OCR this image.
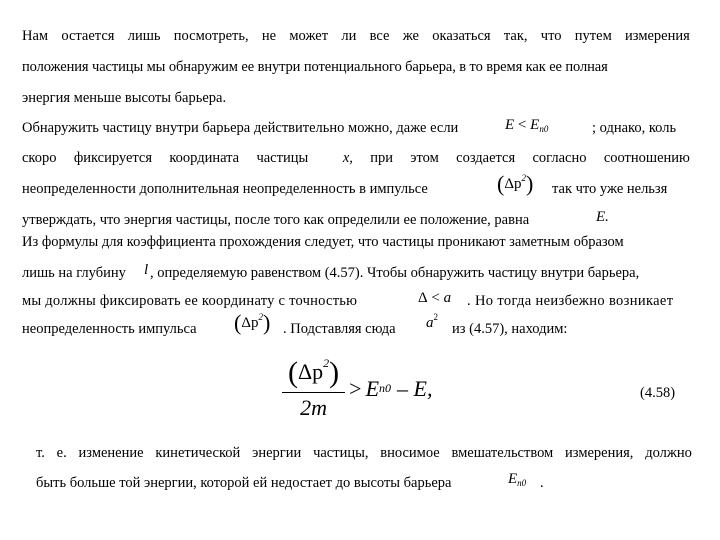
Нам остается лишь посмотреть, не может ли все же оказаться так, что путем измерения
положения частицы мы обнаружим ее внутри потенциального барьера, в то время как ее полная
энергия меньше высоты барьера.
Обнаружить частицу внутри барьера действительно можно, даже если	$E < E_{n0}$	; однако, коль
скоро фиксируется координата частицы x, при этом создается согласно соотношению
неопределенности дополнительная неопределенность в импульсе	$(\Delta p^2)$ так что уже нельзя
утверждать, что энергия частицы, после того как определили ее положение, равна	E.
Из формулы для коэффициента прохождения следует, что частицы проникают заметным образом
лишь на глубину l , определяемую равенством (4.57). Чтобы обнаружить частицу внутри барьера,
мы должны фиксировать ее координату с точностью	Δ < a . Но тогда неизбежно возникает
неопределенность импульса $(\Delta p^2)$ . Подставляя сюда $a^2$
из (4.57), находим:
$\frac{(\Delta p^2)}{2m} > E$ n0 – E,	(4.58)
т. е. изменение кинетической энергии частицы, вносимое вмешательством измерения, должно
быть больше той энергии, которой ей недостает до высоты барьера	$E_{n0}$ .
